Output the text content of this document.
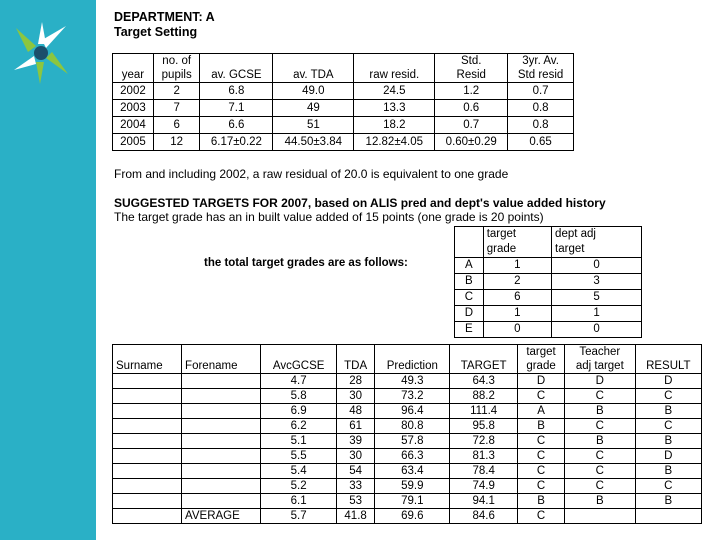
DEPARTMENT: A
Target Setting
	no. of				Std.	3yr. Av.
year	pupils	av. GCSE	av. TDA	raw resid.	Resid	Std resid
2002	2	6.8	49.0	24.5	1.2	0.7
2003	7	7.1	49	13.3	0.6	0.8
2004	6	6.6	51	18.2	0.7	0.8
2005	12	6.17±0.22	44.50±3.84	12.82±4.05	0.60±0.29	0.65
From and including 2002, a raw residual of 20.0 is equivalent to one grade
SUGGESTED TARGETS FOR 2007, based on ALIS pred and dept's value added history
The target grade has an in built value added of 15 points (one grade is 20 points)
the total target grades are as follows:
	target	dept adj
	grade	target
A	1	0
B	2	3
C	6	5
D	1	1
E	0	0
						target	Teacher	
Surname	Forename	AvcGCSE	TDA	Prediction	TARGET	grade	adj target	RESULT
		4.7	28	49.3	64.3	D	D	D
		5.8	30	73.2	88.2	C	C	C
		6.9	48	96.4	111.4	A	B	B
		6.2	61	80.8	95.8	B	C	C
		5.1	39	57.8	72.8	C	B	B
		5.5	30	66.3	81.3	C	C	D
		5.4	54	63.4	78.4	C	C	B
		5.2	33	59.9	74.9	C	C	C
		6.1	53	79.1	94.1	B	B	B
	AVERAGE	5.7	41.8	69.6	84.6	C		
